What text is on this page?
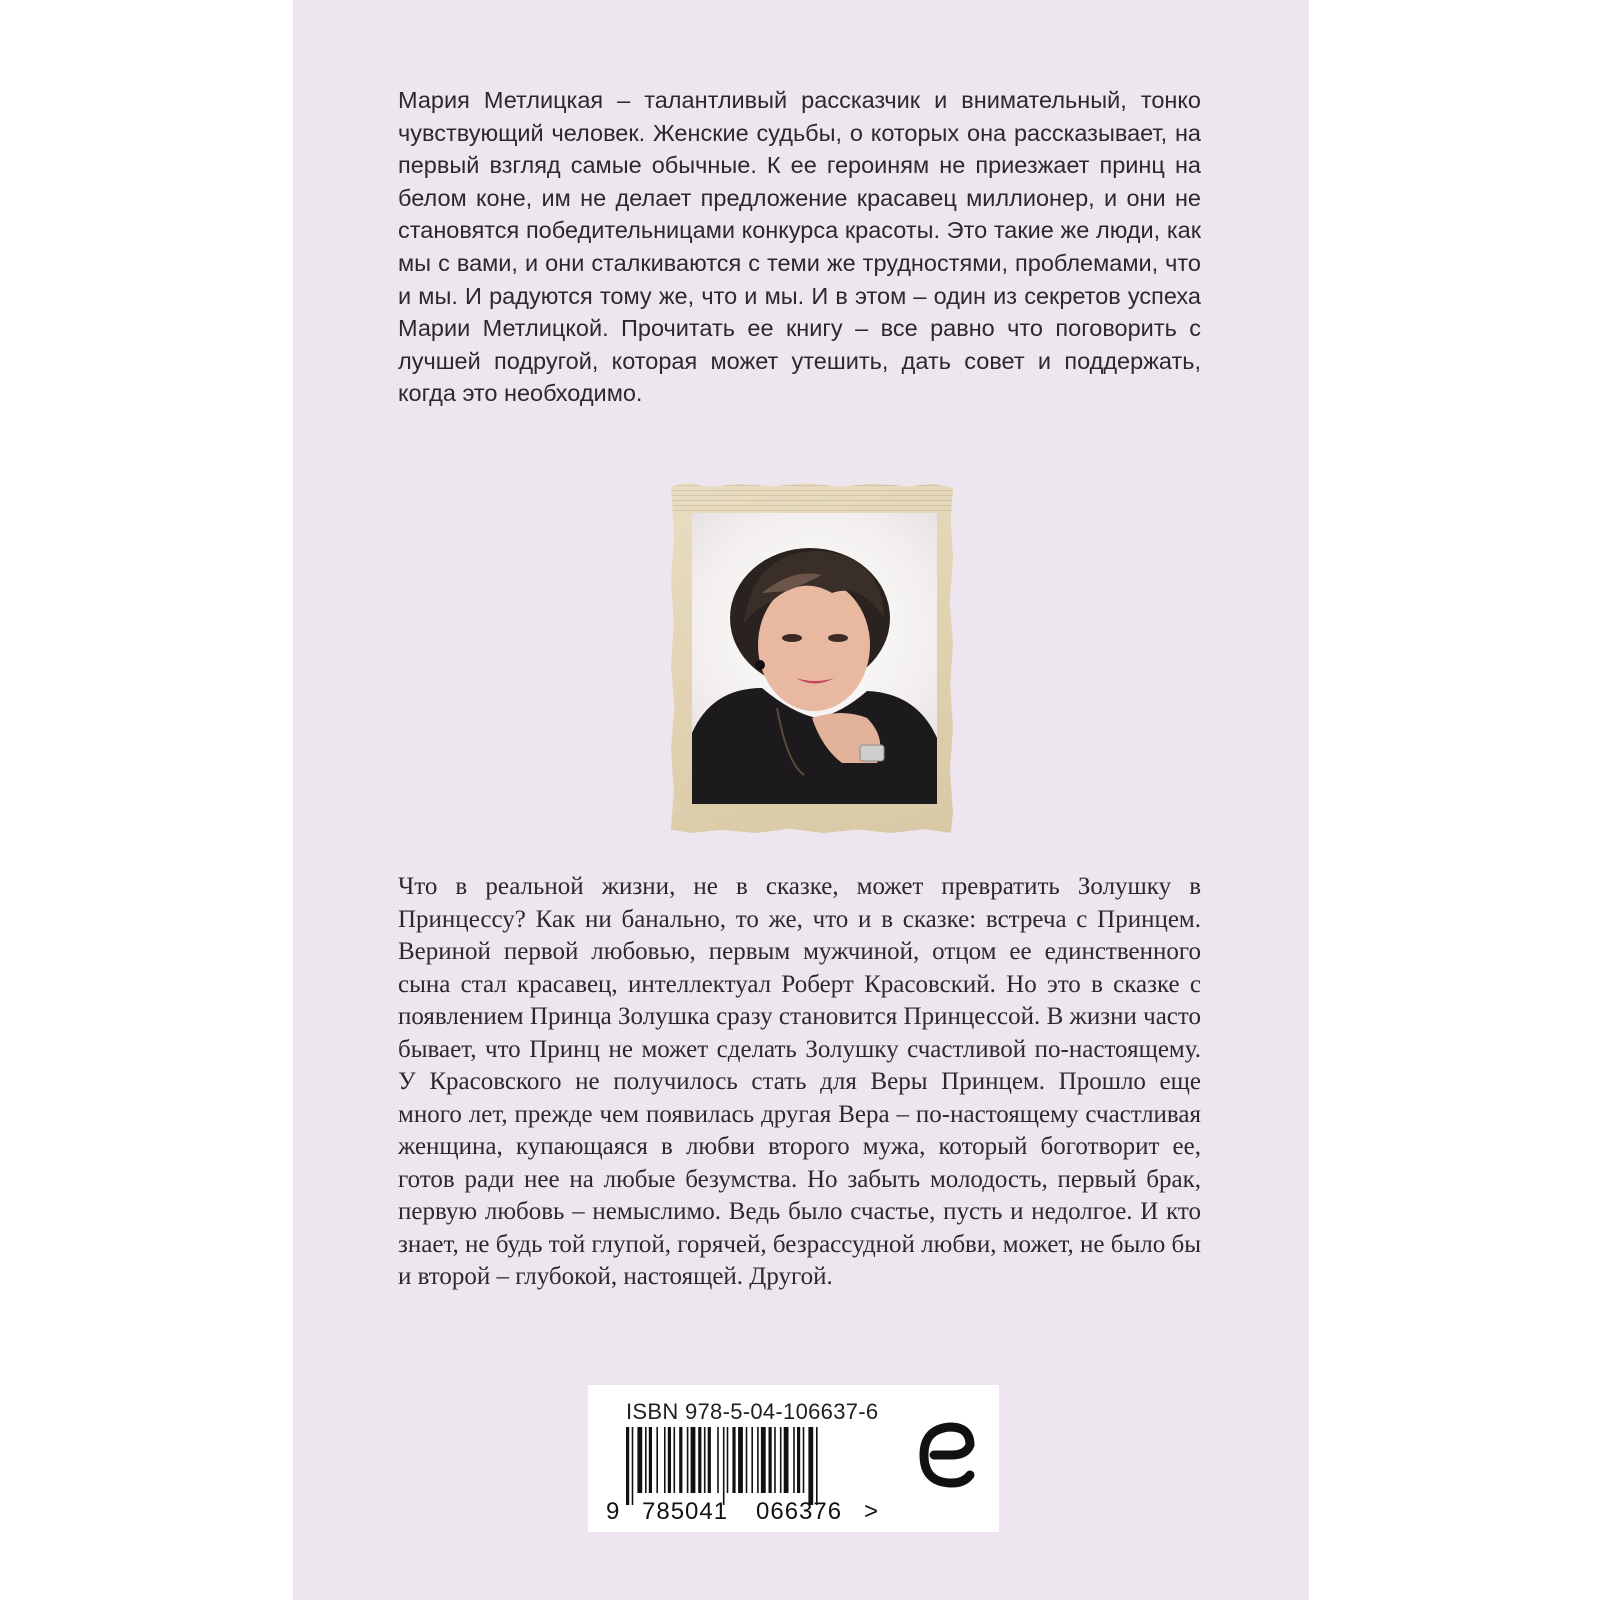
Мария Метлицкая – талантливый рассказчик и внимательный, тонко чувствующий человек. Женские судьбы, о которых она рассказывает, на первый взгляд самые обычные. К ее героиням не приезжает принц на белом коне, им не делает предложение красавец миллионер, и они не становятся победительницами конкурса красоты. Это такие же люди, как мы с вами, и они сталкиваются с теми же трудностями, проблемами, что и мы. И радуются тому же, что и мы. И в этом – один из секретов успеха Марии Метлицкой. Прочитать ее книгу – все равно что поговорить с лучшей подругой, которая может утешить, дать совет и поддержать, когда это необходимо.

Что в реальной жизни, не в сказке, может превратить Золушку в Принцессу? Как ни банально, то же, что и в сказке: встреча с Принцем. Вериной первой любовью, первым мужчиной, отцом ее единственного сына стал красавец, интеллектуал Роберт Красовский. Но это в сказке с появлением Принца Золушка сразу становится Принцессой. В жизни часто бывает, что Принц не может сделать Золушку счастливой по-настоящему. У Красовского не получилось стать для Веры Принцем. Прошло еще много лет, прежде чем появилась другая Вера – по-настоящему счастливая женщина, купающаяся в любви второго мужа, который боготворит ее, готов ради нее на любые безумства. Но забыть молодость, первый брак, первую любовь – немыслимо. Ведь было счастье, пусть и недолгое. И кто знает, не будь той глупой, горячей, безрассудной любви, может, не было бы и второй – глубокой, настоящей. Другой.

ISBN 978-5-04-106637-6
9 785041 066376 >
